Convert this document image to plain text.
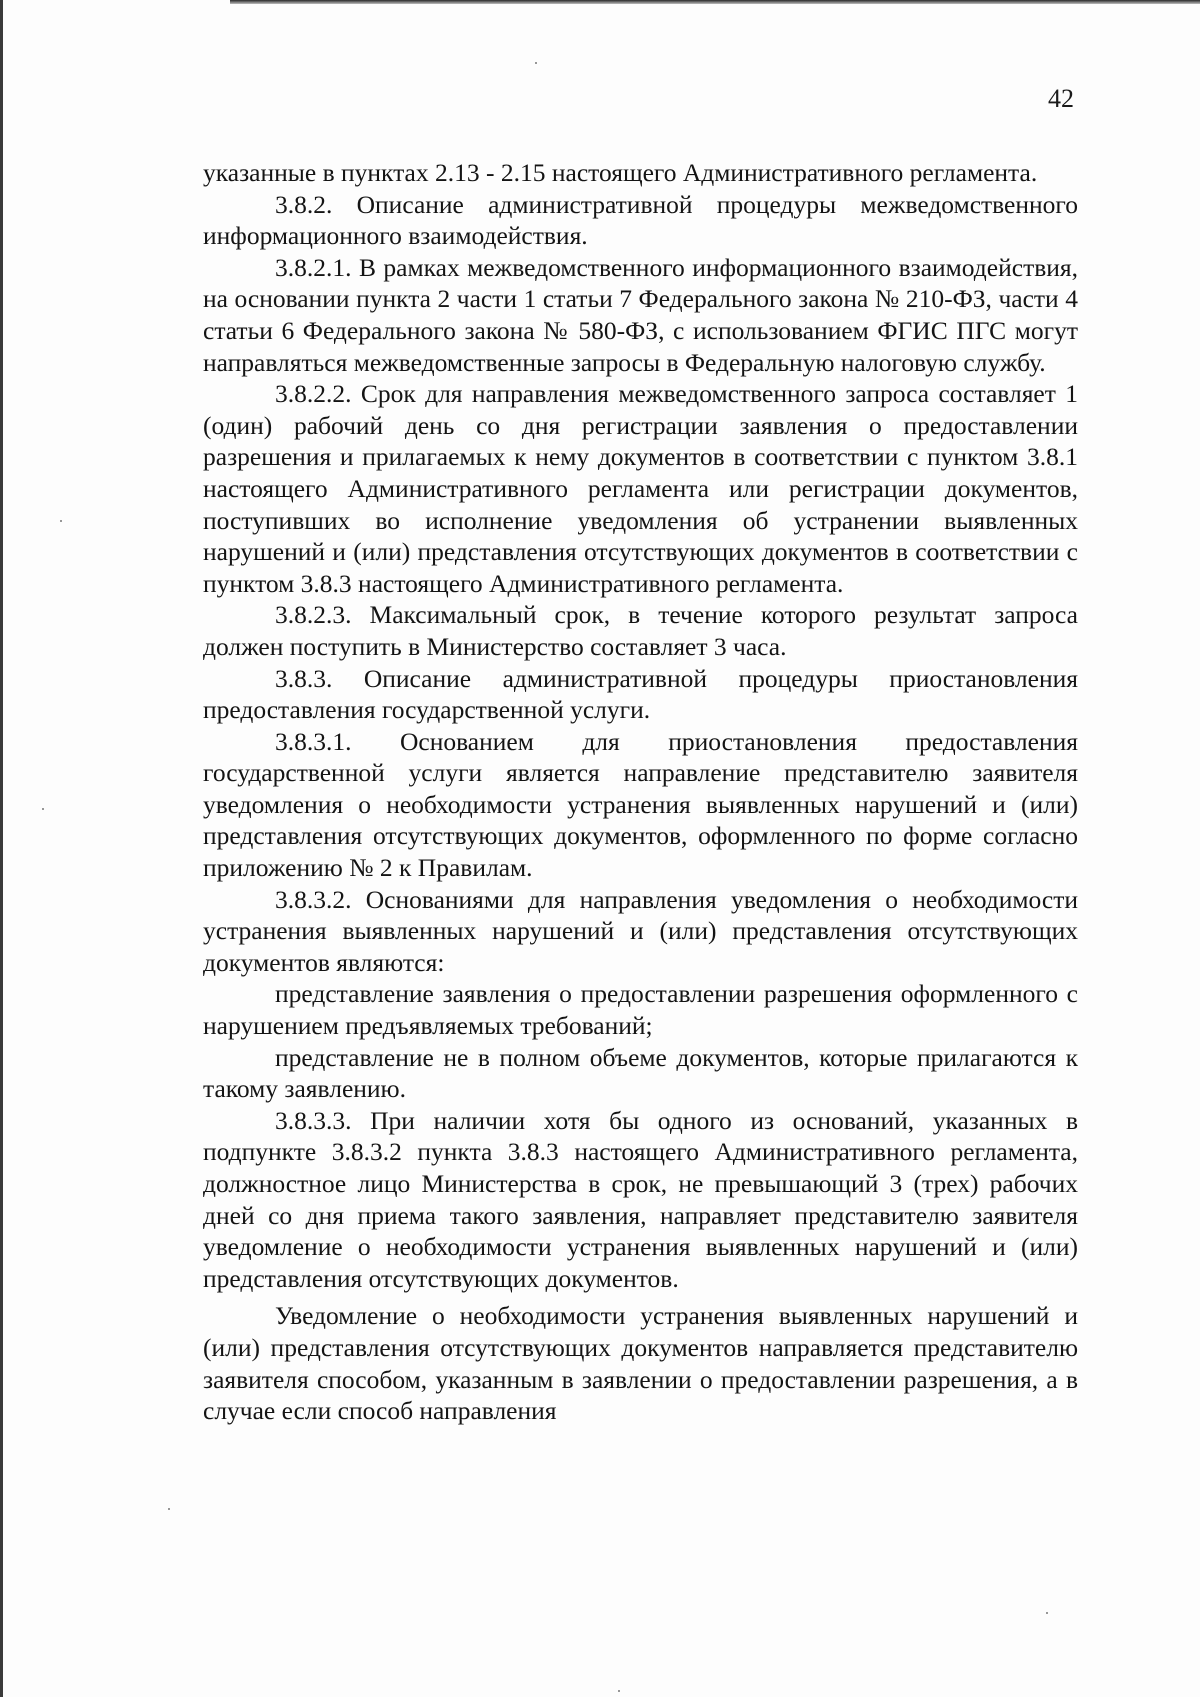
42

указанные в пунктах 2.13 - 2.15 настоящего Административного регламента.

3.8.2. Описание административной процедуры межведомственного информационного взаимодействия.

3.8.2.1. В рамках межведомственного информационного взаимодействия, на основании пункта 2 части 1 статьи 7 Федерального закона № 210-ФЗ, части 4 статьи 6 Федерального закона № 580-ФЗ, с использованием ФГИС ПГС могут направляться межведомственные запросы в Федеральную налоговую службу.

3.8.2.2. Срок для направления межведомственного запроса составляет 1 (один) рабочий день со дня регистрации заявления о предоставлении разрешения и прилагаемых к нему документов в соответствии с пунктом 3.8.1 настоящего Административного регламента или регистрации документов, поступивших во исполнение уведомления об устранении выявленных нарушений и (или) представления отсутствующих документов в соответствии с пунктом 3.8.3 настоящего Административного регламента.

3.8.2.3. Максимальный срок, в течение которого результат запроса должен поступить в Министерство составляет 3 часа.

3.8.3. Описание административной процедуры приостановления предоставления государственной услуги.

3.8.3.1. Основанием для приостановления предоставления государственной услуги является направление представителю заявителя уведомления о необходимости устранения выявленных нарушений и (или) представления отсутствующих документов, оформленного по форме согласно приложению № 2 к Правилам.

3.8.3.2. Основаниями для направления уведомления о необходимости устранения выявленных нарушений и (или) представления отсутствующих документов являются:

представление заявления о предоставлении разрешения оформленного с нарушением предъявляемых требований;

представление не в полном объеме документов, которые прилагаются к такому заявлению.

3.8.3.3. При наличии хотя бы одного из оснований, указанных в подпункте 3.8.3.2 пункта 3.8.3 настоящего Административного регламента, должностное лицо Министерства в срок, не превышающий 3 (трех) рабочих дней со дня приема такого заявления, направляет представителю заявителя уведомление о необходимости устранения выявленных нарушений и (или) представления отсутствующих документов.

Уведомление о необходимости устранения выявленных нарушений и (или) представления отсутствующих документов направляется представителю заявителя способом, указанным в заявлении о предоставлении разрешения, а в случае если способ направления
